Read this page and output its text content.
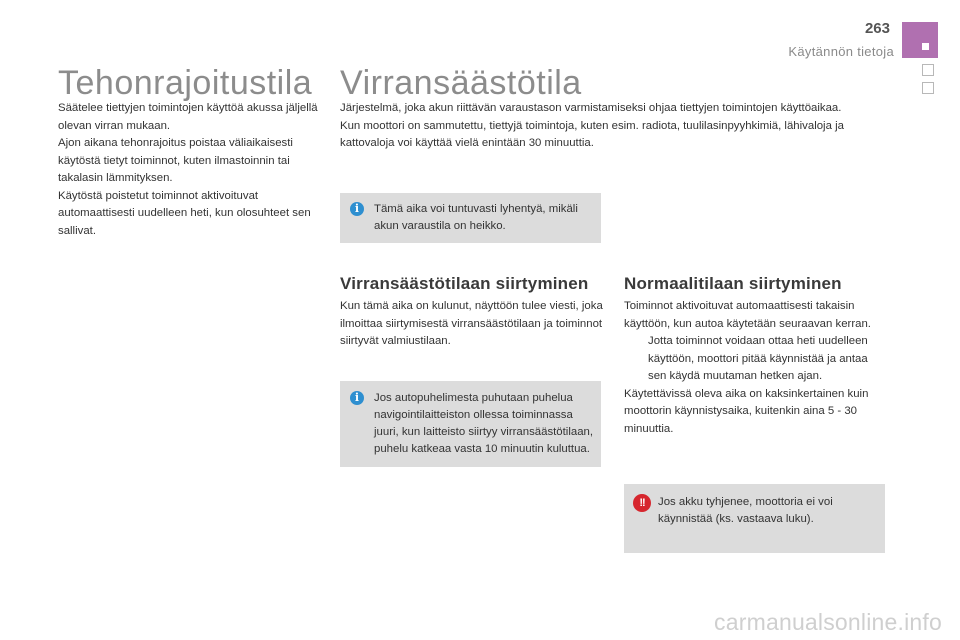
263
Käytännön tietoja
Tehonrajoitustila

Säätelee tiettyjen toimintojen käyttöä akussa jäljellä olevan virran mukaan.

Ajon aikana tehonrajoitus poistaa väliaikaisesti käytöstä tietyt toiminnot, kuten ilmastoinnin tai takalasin lämmityksen.

Käytöstä poistetut toiminnot aktivoituvat automaattisesti uudelleen heti, kun olosuhteet sen sallivat.

Virransäästötila

Järjestelmä, joka akun riittävän varaustason varmistamiseksi ohjaa tiettyjen toimintojen käyttöaikaa.

Kun moottori on sammutettu, tiettyjä toimintoja, kuten esim. radiota, tuulilasinpyyhkimiä, lähivaloja ja kattovaloja voi käyttää vielä enintään 30 minuuttia.

i
Tämä aika voi tuntuvasti lyhentyä, mikäli akun varaustila on heikko.
Virransäästötilaan siirtyminen

Kun tämä aika on kulunut, näyttöön tulee viesti, joka ilmoittaa siirtymisestä virransäästötilaan ja toiminnot siirtyvät valmiustilaan.

i
Jos autopuhelimesta puhutaan puhelua navigointilaitteiston ollessa toiminnassa juuri, kun laitteisto siirtyy virransäästötilaan, puhelu katkeaa vasta 10 minuutin kuluttua.
Normaalitilaan siirtyminen

Toiminnot aktivoituvat automaattisesti takaisin käyttöön, kun autoa käytetään seuraavan kerran.

Jotta toiminnot voidaan ottaa heti uudelleen käyttöön, moottori pitää käynnistää ja antaa sen käydä muutaman hetken ajan.

Käytettävissä oleva aika on kaksinkertainen kuin moottorin käynnistysaika, kuitenkin aina 5 - 30 minuuttia.

!!
Jos akku tyhjenee, moottoria ei voi käynnistää (ks. vastaava luku).
carmanualsonline.info
